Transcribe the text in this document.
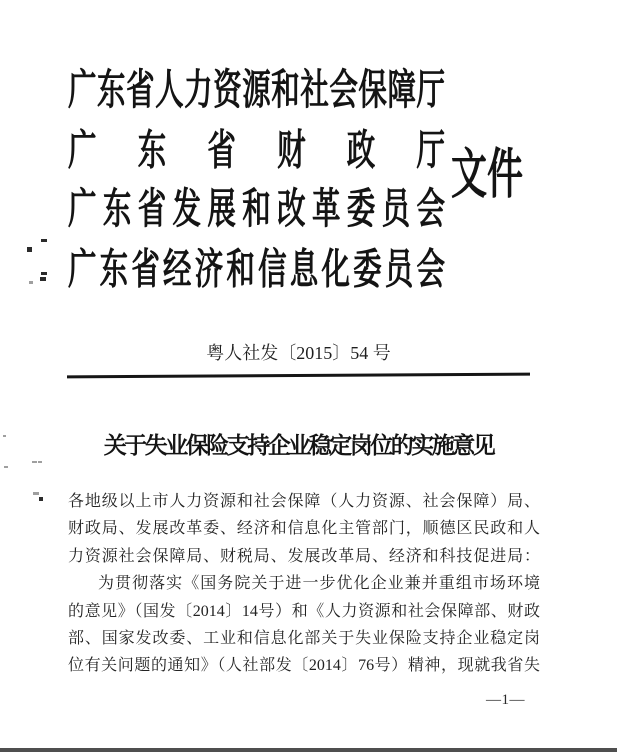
广东省人力资源和社会保障厅
广东省财政厅
广东省发展和改革委员会
广东省经济和信息化委员会
文件
粤人社发〔2015〕54 号
关于失业保险支持企业稳定岗位的实施意见
各地级以上市人力资源和社会保障（人力资源、社会保障）局、
财政局、发展改革委、经济和信息化主管部门，顺德区民政和人
力资源社会保障局、财税局、发展改革局、经济和科技促进局：
为贯彻落实《国务院关于进一步优化企业兼并重组市场环境
的意见》（国发〔2014〕14号）和《人力资源和社会保障部、财政
部、国家发改委、工业和信息化部关于失业保险支持企业稳定岗
位有关问题的通知》（人社部发〔2014〕76号）精神，现就我省失
—1—
